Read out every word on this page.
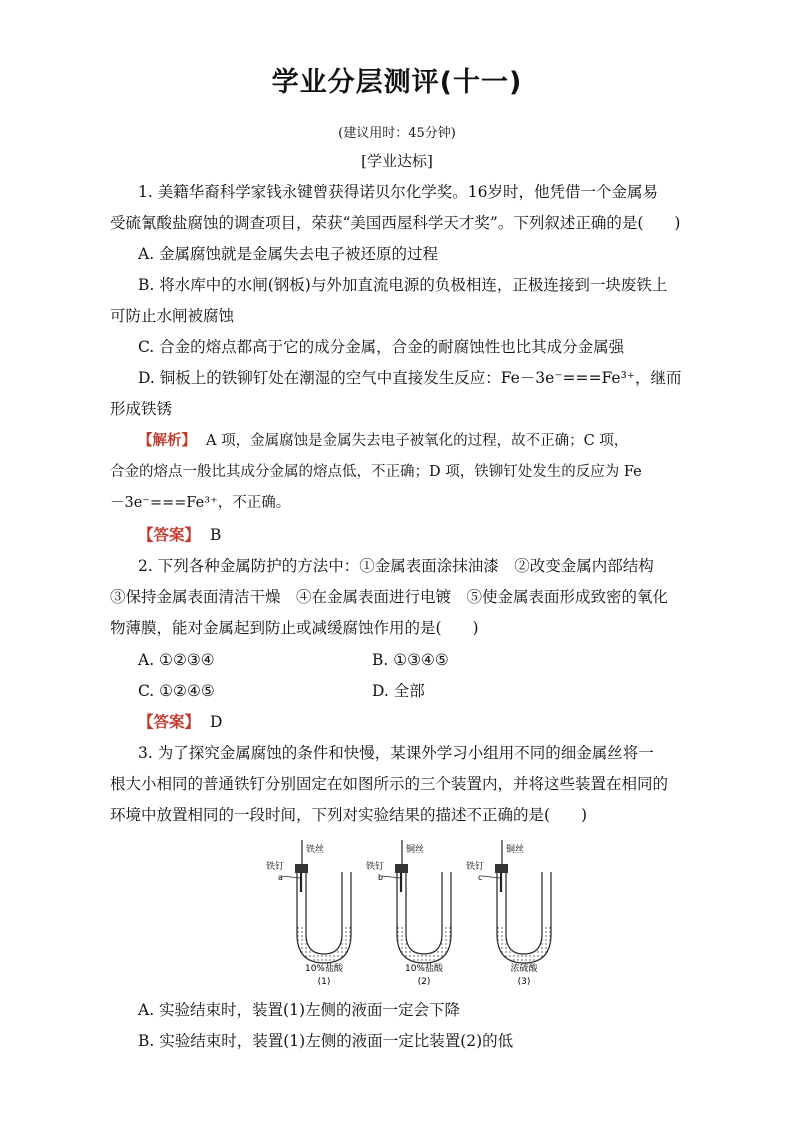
学业分层测评(十一)
(建议用时：45分钟)
[学业达标]
1. 美籍华裔科学家钱永键曾获得诺贝尔化学奖。16岁时，他凭借一个金属易
受硫氰酸盐腐蚀的调查项目，荣获“美国西屋科学天才奖”。下列叙述正确的是(　　)
A. 金属腐蚀就是金属失去电子被还原的过程
B. 将水库中的水闸(钢板)与外加直流电源的负极相连，正极连接到一块废铁上
可防止水闸被腐蚀
C. 合金的熔点都高于它的成分金属，合金的耐腐蚀性也比其成分金属强
D. 铜板上的铁铆钉处在潮湿的空气中直接发生反应：Fe－3e⁻===Fe³⁺，继而
形成铁锈
【解析】 A 项，金属腐蚀是金属失去电子被氧化的过程，故不正确；C 项，
合金的熔点一般比其成分金属的熔点低，不正确；D 项，铁铆钉处发生的反应为 Fe
－3e⁻===Fe³⁺，不正确。
【答案】 B
2. 下列各种金属防护的方法中：①金属表面涂抹油漆　②改变金属内部结构
③保持金属表面清洁干燥　④在金属表面进行电镀　⑤使金属表面形成致密的氧化
物薄膜，能对金属起到防止或减缓腐蚀作用的是(　　)
A. ①②③④	B. ①③④⑤
C. ①②④⑤	D. 全部
【答案】 D
3. 为了探究金属腐蚀的条件和快慢，某课外学习小组用不同的细金属丝将一
根大小相同的普通铁钉分别固定在如图所示的三个装置内，并将这些装置在相同的
环境中放置相同的一段时间，下列对实验结果的描述不正确的是(　　)
铁丝
铁钉
a
10%盐酸
(1)
铜丝
铁钉
b
10%盐酸
(2)
铜丝
铁钉
c
浓硫酸
(3)
A. 实验结束时，装置(1)左侧的液面一定会下降
B. 实验结束时，装置(1)左侧的液面一定比装置(2)的低
